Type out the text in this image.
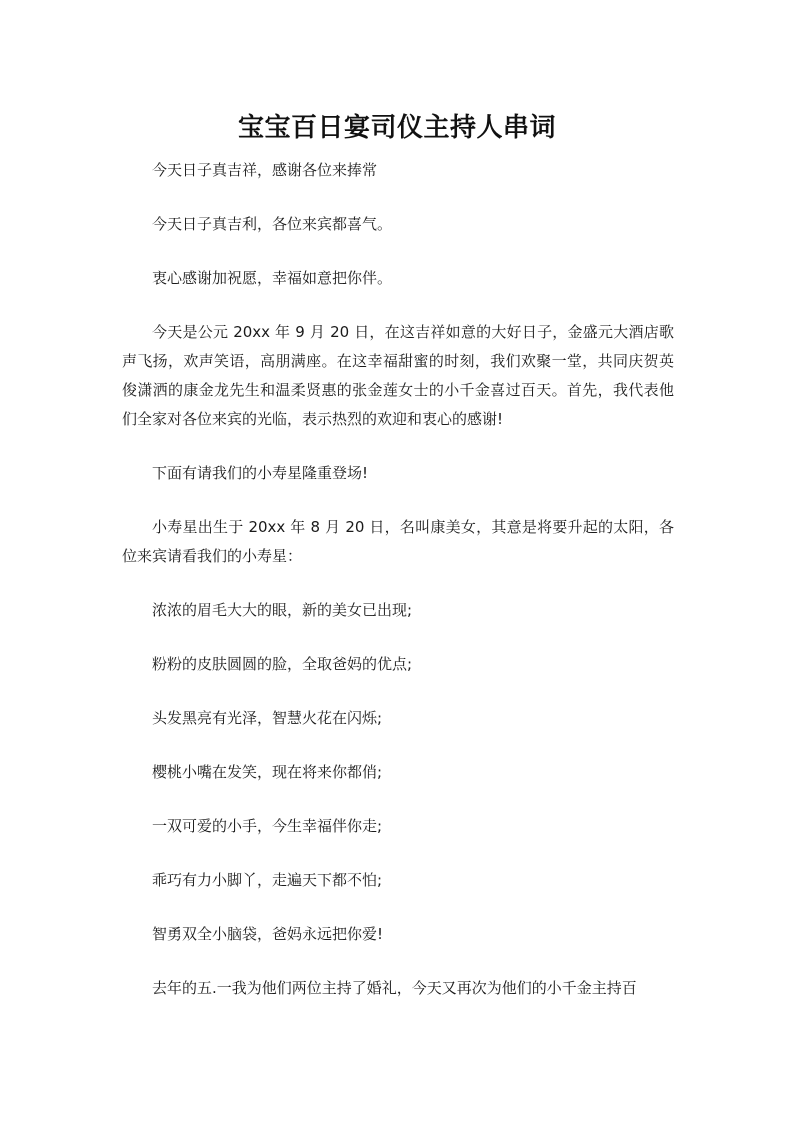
宝宝百日宴司仪主持人串词

今天日子真吉祥，感谢各位来捧常

今天日子真吉利，各位来宾都喜气。

衷心感谢加祝愿，幸福如意把你伴。

今天是公元 20xx 年 9 月 20 日，在这吉祥如意的大好日子，金盛元大酒店歌声飞扬，欢声笑语，高朋满座。在这幸福甜蜜的时刻，我们欢聚一堂，共同庆贺英俊潇洒的康金龙先生和温柔贤惠的张金莲女士的小千金喜过百天。首先，我代表他们全家对各位来宾的光临，表示热烈的欢迎和衷心的感谢!

下面有请我们的小寿星隆重登场!

小寿星出生于 20xx 年 8 月 20 日，名叫康美女，其意是将要升起的太阳，各位来宾请看我们的小寿星：

浓浓的眉毛大大的眼，新的美女已出现;

粉粉的皮肤圆圆的脸，全取爸妈的优点;

头发黑亮有光泽，智慧火花在闪烁;

樱桃小嘴在发笑，现在将来你都俏;

一双可爱的小手，今生幸福伴你走;

乖巧有力小脚丫，走遍天下都不怕;

智勇双全小脑袋，爸妈永远把你爱!

去年的五.一我为他们两位主持了婚礼，今天又再次为他们的小千金主持百
